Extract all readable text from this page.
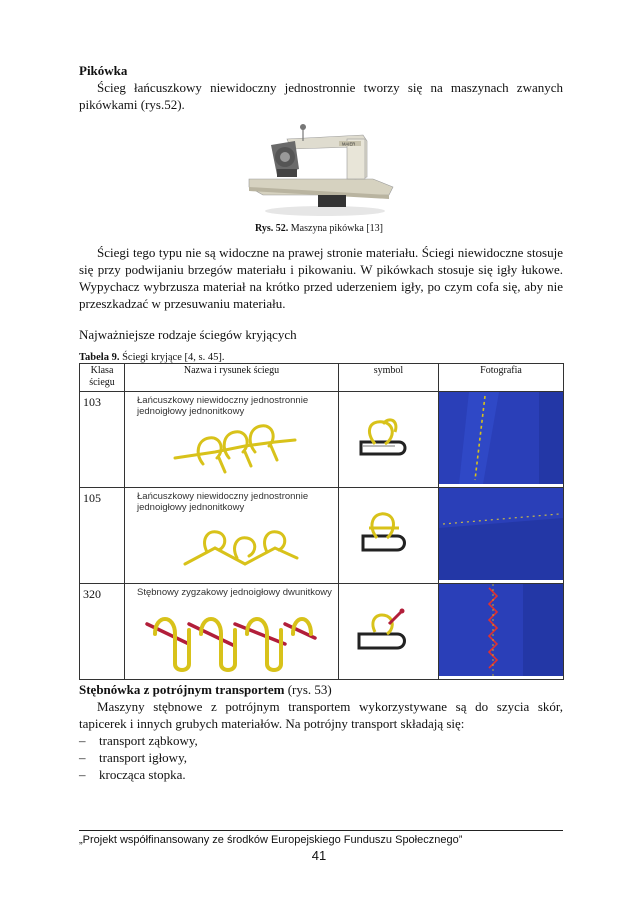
Pikówka
Ścieg łańcuszkowy niewidoczny jednostronnie tworzy się na maszynach zwanych pikówkami (rys.52).
MAIER
Rys. 52. Maszyna pikówka [13]
Ściegi tego typu nie są widoczne na prawej stronie materiału. Ściegi niewidoczne stosuje się przy podwijaniu brzegów materiału i pikowaniu. W pikówkach stosuje się igły łukowe. Wypychacz wybrzusza materiał na krótko przed uderzeniem igły, po czym cofa się, aby nie przeszkadzać w przesuwaniu materiału.
Najważniejsze rodzaje ściegów kryjących
Tabela 9. Ściegi kryjące [4, s. 45].
Klasa ściegu	Nazwa i rysunek ściegu	symbol	Fotografia
103	Łańcuszkowy niewidoczny jednostronnie
jednoigłowy jednonitkowy

105	Łańcuszkowy niewidoczny jednostronnie
jednoigłowy jednonitkowy

320	Stębnowy zygzakowy jednoigłowy dwunitkowy

Stębnówka z potrójnym transportem (rys. 53)
Maszyny stębnowe z potrójnym transportem wykorzystywane są do szycia skór, tapicerek i innych grubych materiałów. Na potrójny transport składają się:
– transport ząbkowy,
– transport igłowy,
– krocząca stopka.
„Projekt współfinansowany ze środków Europejskiego Funduszu Społecznego”
41
